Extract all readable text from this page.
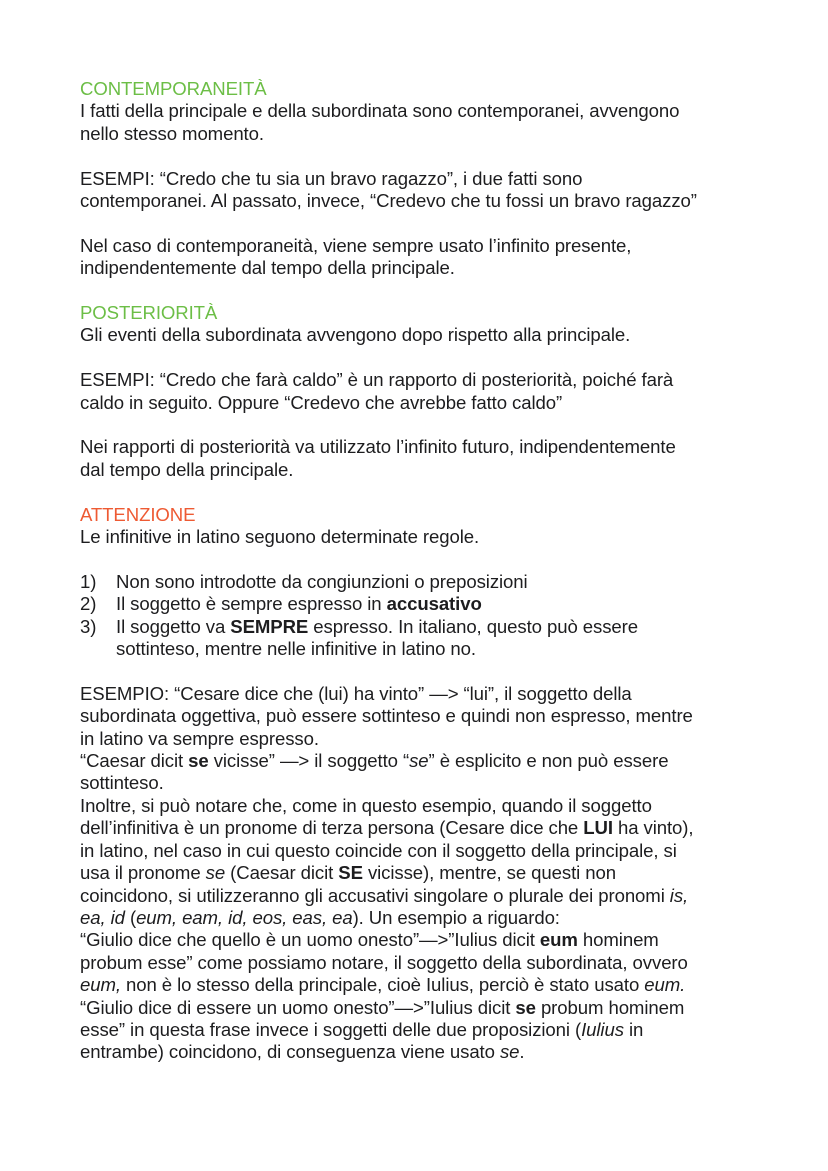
CONTEMPORANEITÀ
I fatti della principale e della subordinata sono contemporanei, avvengono
nello stesso momento.
ESEMPI: “Credo che tu sia un bravo ragazzo”, i due fatti sono
contemporanei. Al passato, invece, “Credevo che tu fossi un bravo ragazzo”
Nel caso di contemporaneità, viene sempre usato l’infinito presente,
indipendentemente dal tempo della principale.
POSTERIORITÀ
Gli eventi della subordinata avvengono dopo rispetto alla principale.
ESEMPI: “Credo che farà caldo” è un rapporto di posteriorità, poiché farà
caldo in seguito. Oppure “Credevo che avrebbe fatto caldo”
Nei rapporti di posteriorità va utilizzato l’infinito futuro, indipendentemente
dal tempo della principale.
ATTENZIONE
Le infinitive in latino seguono determinate regole.
1)	Non sono introdotte da congiunzioni o preposizioni
2)	Il soggetto è sempre espresso in accusativo
3)	Il soggetto va SEMPRE espresso. In italiano, questo può essere
sottinteso, mentre nelle infinitive in latino no.
ESEMPIO: “Cesare dice che (lui) ha vinto” —> “lui”, il soggetto della
subordinata oggettiva, può essere sottinteso e quindi non espresso, mentre
in latino va sempre espresso.
“Caesar dicit se vicisse” —> il soggetto “se” è esplicito e non può essere
sottinteso.
Inoltre, si può notare che, come in questo esempio, quando il soggetto
dell’infinitiva è un pronome di terza persona (Cesare dice che LUI ha vinto),
in latino, nel caso in cui questo coincide con il soggetto della principale, si
usa il pronome se (Caesar dicit SE vicisse), mentre, se questi non
coincidono, si utilizzeranno gli accusativi singolare o plurale dei pronomi is,
ea, id (eum, eam, id, eos, eas, ea). Un esempio a riguardo:
“Giulio dice che quello è un uomo onesto”—>”Iulius dicit eum hominem
probum esse” come possiamo notare, il soggetto della subordinata, ovvero
eum, non è lo stesso della principale, cioè Iulius, perciò è stato usato eum.
“Giulio dice di essere un uomo onesto”—>”Iulius dicit se probum hominem
esse” in questa frase invece i soggetti delle due proposizioni (Iulius in
entrambe) coincidono, di conseguenza viene usato se.
